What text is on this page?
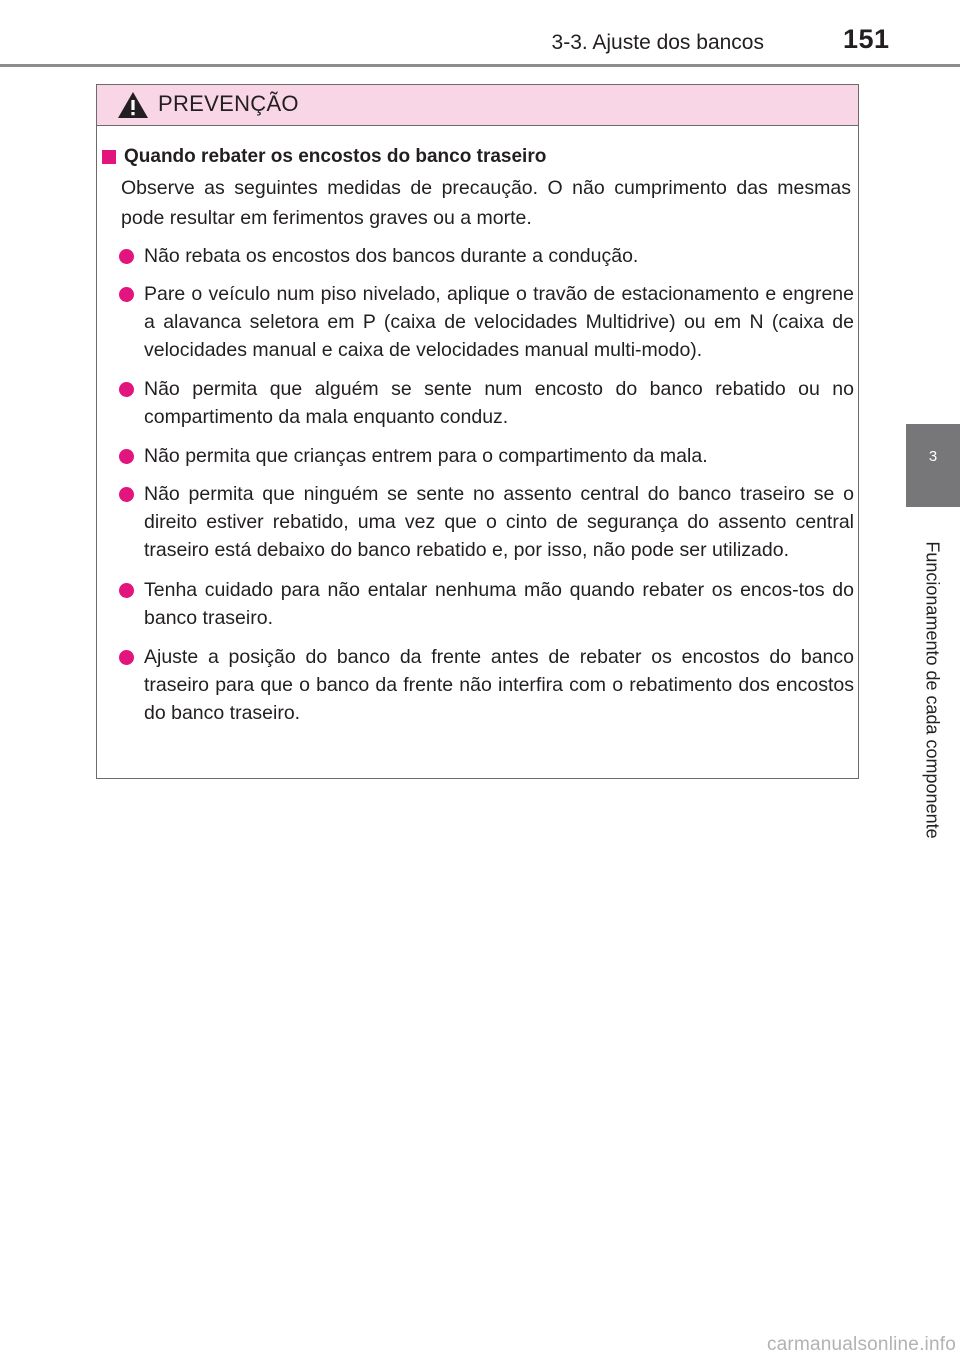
3-3. Ajuste dos bancos	151
3
Funcionamento de cada componente
PREVENÇÃO
Quando rebater os encostos do banco traseiro
Observe as seguintes medidas de precaução. O não cumprimento das mesmas pode resultar em ferimentos graves ou a morte.
Não rebata os encostos dos bancos durante a condução.
Pare o veículo num piso nivelado, aplique o travão de estacionamento e engrene a alavanca seletora em P (caixa de velocidades Multidrive) ou em N (caixa de velocidades manual e caixa de velocidades manual multi-modo).
Não permita que alguém se sente num encosto do banco rebatido ou no compartimento da mala enquanto conduz.
Não permita que crianças entrem para o compartimento da mala.
Não permita que ninguém se sente no assento central do banco traseiro se o direito estiver rebatido, uma vez que o cinto de segurança do assento central traseiro está debaixo do banco rebatido e, por isso, não pode ser utilizado.
Tenha cuidado para não entalar nenhuma mão quando rebater os encos-tos do banco traseiro.
Ajuste a posição do banco da frente antes de rebater os encostos do banco traseiro para que o banco da frente não interfira com o rebatimento dos encostos do banco traseiro.
carmanualsonline.info
